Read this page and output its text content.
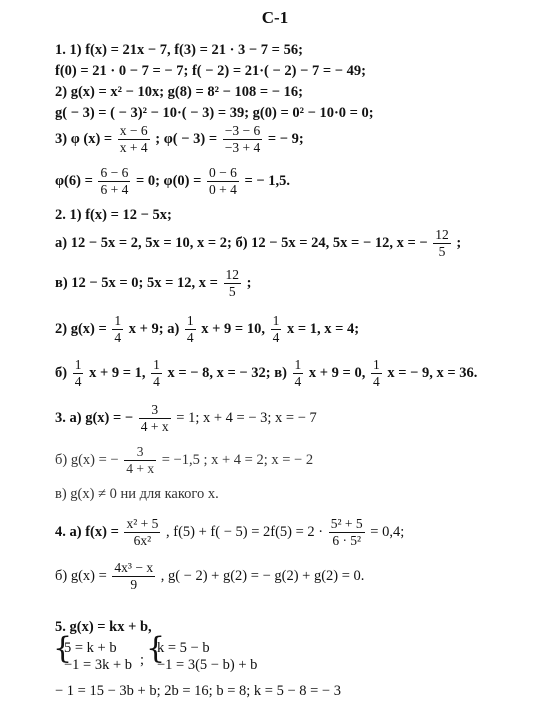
С-1
1. 1) f(x) = 21x − 7, f(3) = 21 · 3 − 7 = 56;
f(0) = 21 · 0 − 7 = − 7; f( − 2) = 21·( − 2) − 7 = − 49;
2) g(x) = x² − 10x; g(8) = 8² − 108 = − 16;
g( − 3) = ( − 3)² − 10·( − 3) = 39; g(0) = 0² − 10·0 = 0;
3) φ $(x) = \frac{x - 6}{x + 4}$ ; $\varphi( - 3) = \frac{-3 - 6}{-3 + 4}$ = − 9;
$\varphi(6) = \frac{6 - 6}{6 + 4} = 0$; $\varphi(0) = \frac{0 - 6}{0 + 4}$ = − 1,5.
2. 1) f(x) = 12 − 5x;
а) 12 − 5x = 2, 5x = 10, x = 2; б) 12 − 5x = 24, 5x = − 12, x = − $\frac{12}{5}$ ;
в) 12 − 5x = 0; 5x = 12, $x = \frac{12}{5}$ ;
2) $g(x) = \frac{1}{4}$ x + 9; $а) \frac{1}{4}$ x + 9 = 10, $\frac{1}{4}$ x = 1, x = 4;
$б) \frac{1}{4}$ x + 9 = 1, $\frac{1}{4}$ x = − 8, x = − 32; $в) \frac{1}{4}$ x + 9 = 0, $\frac{1}{4}$ x = − 9, x = 36.
3. а) g(x) = − $\frac{3}{4 + x} = 1$; x + 4 = − 3; x = − 7
б) g(x) = − $\frac{3}{4 + x} = -1,5$ ; x + 4 = 2; x = − 2
в) g(x) ≠ 0 ни для какого x.
4. а) $f(x) = \frac{\text{x² + 5}}{\text{6x²}}$ , $f(5) + f( - 5) = 2f(5) = 2 \cdot \frac{\text{5² + 5}}{\text{6 · 5²}} = 0,4$;
б) $g(x) = \frac{\text{4x³ − x}}{9}$ , g( − 2) + g(2) = − g(2) + g(2) = 0.
5. g(x) = kx + b,
{
5 = k + b
−1 = 3k + b ; {
k = 5 − b
−1 = 3(5 − b) + b
− 1 = 15 − 3b + b; 2b = 16; b = 8; k = 5 − 8 = − 3
